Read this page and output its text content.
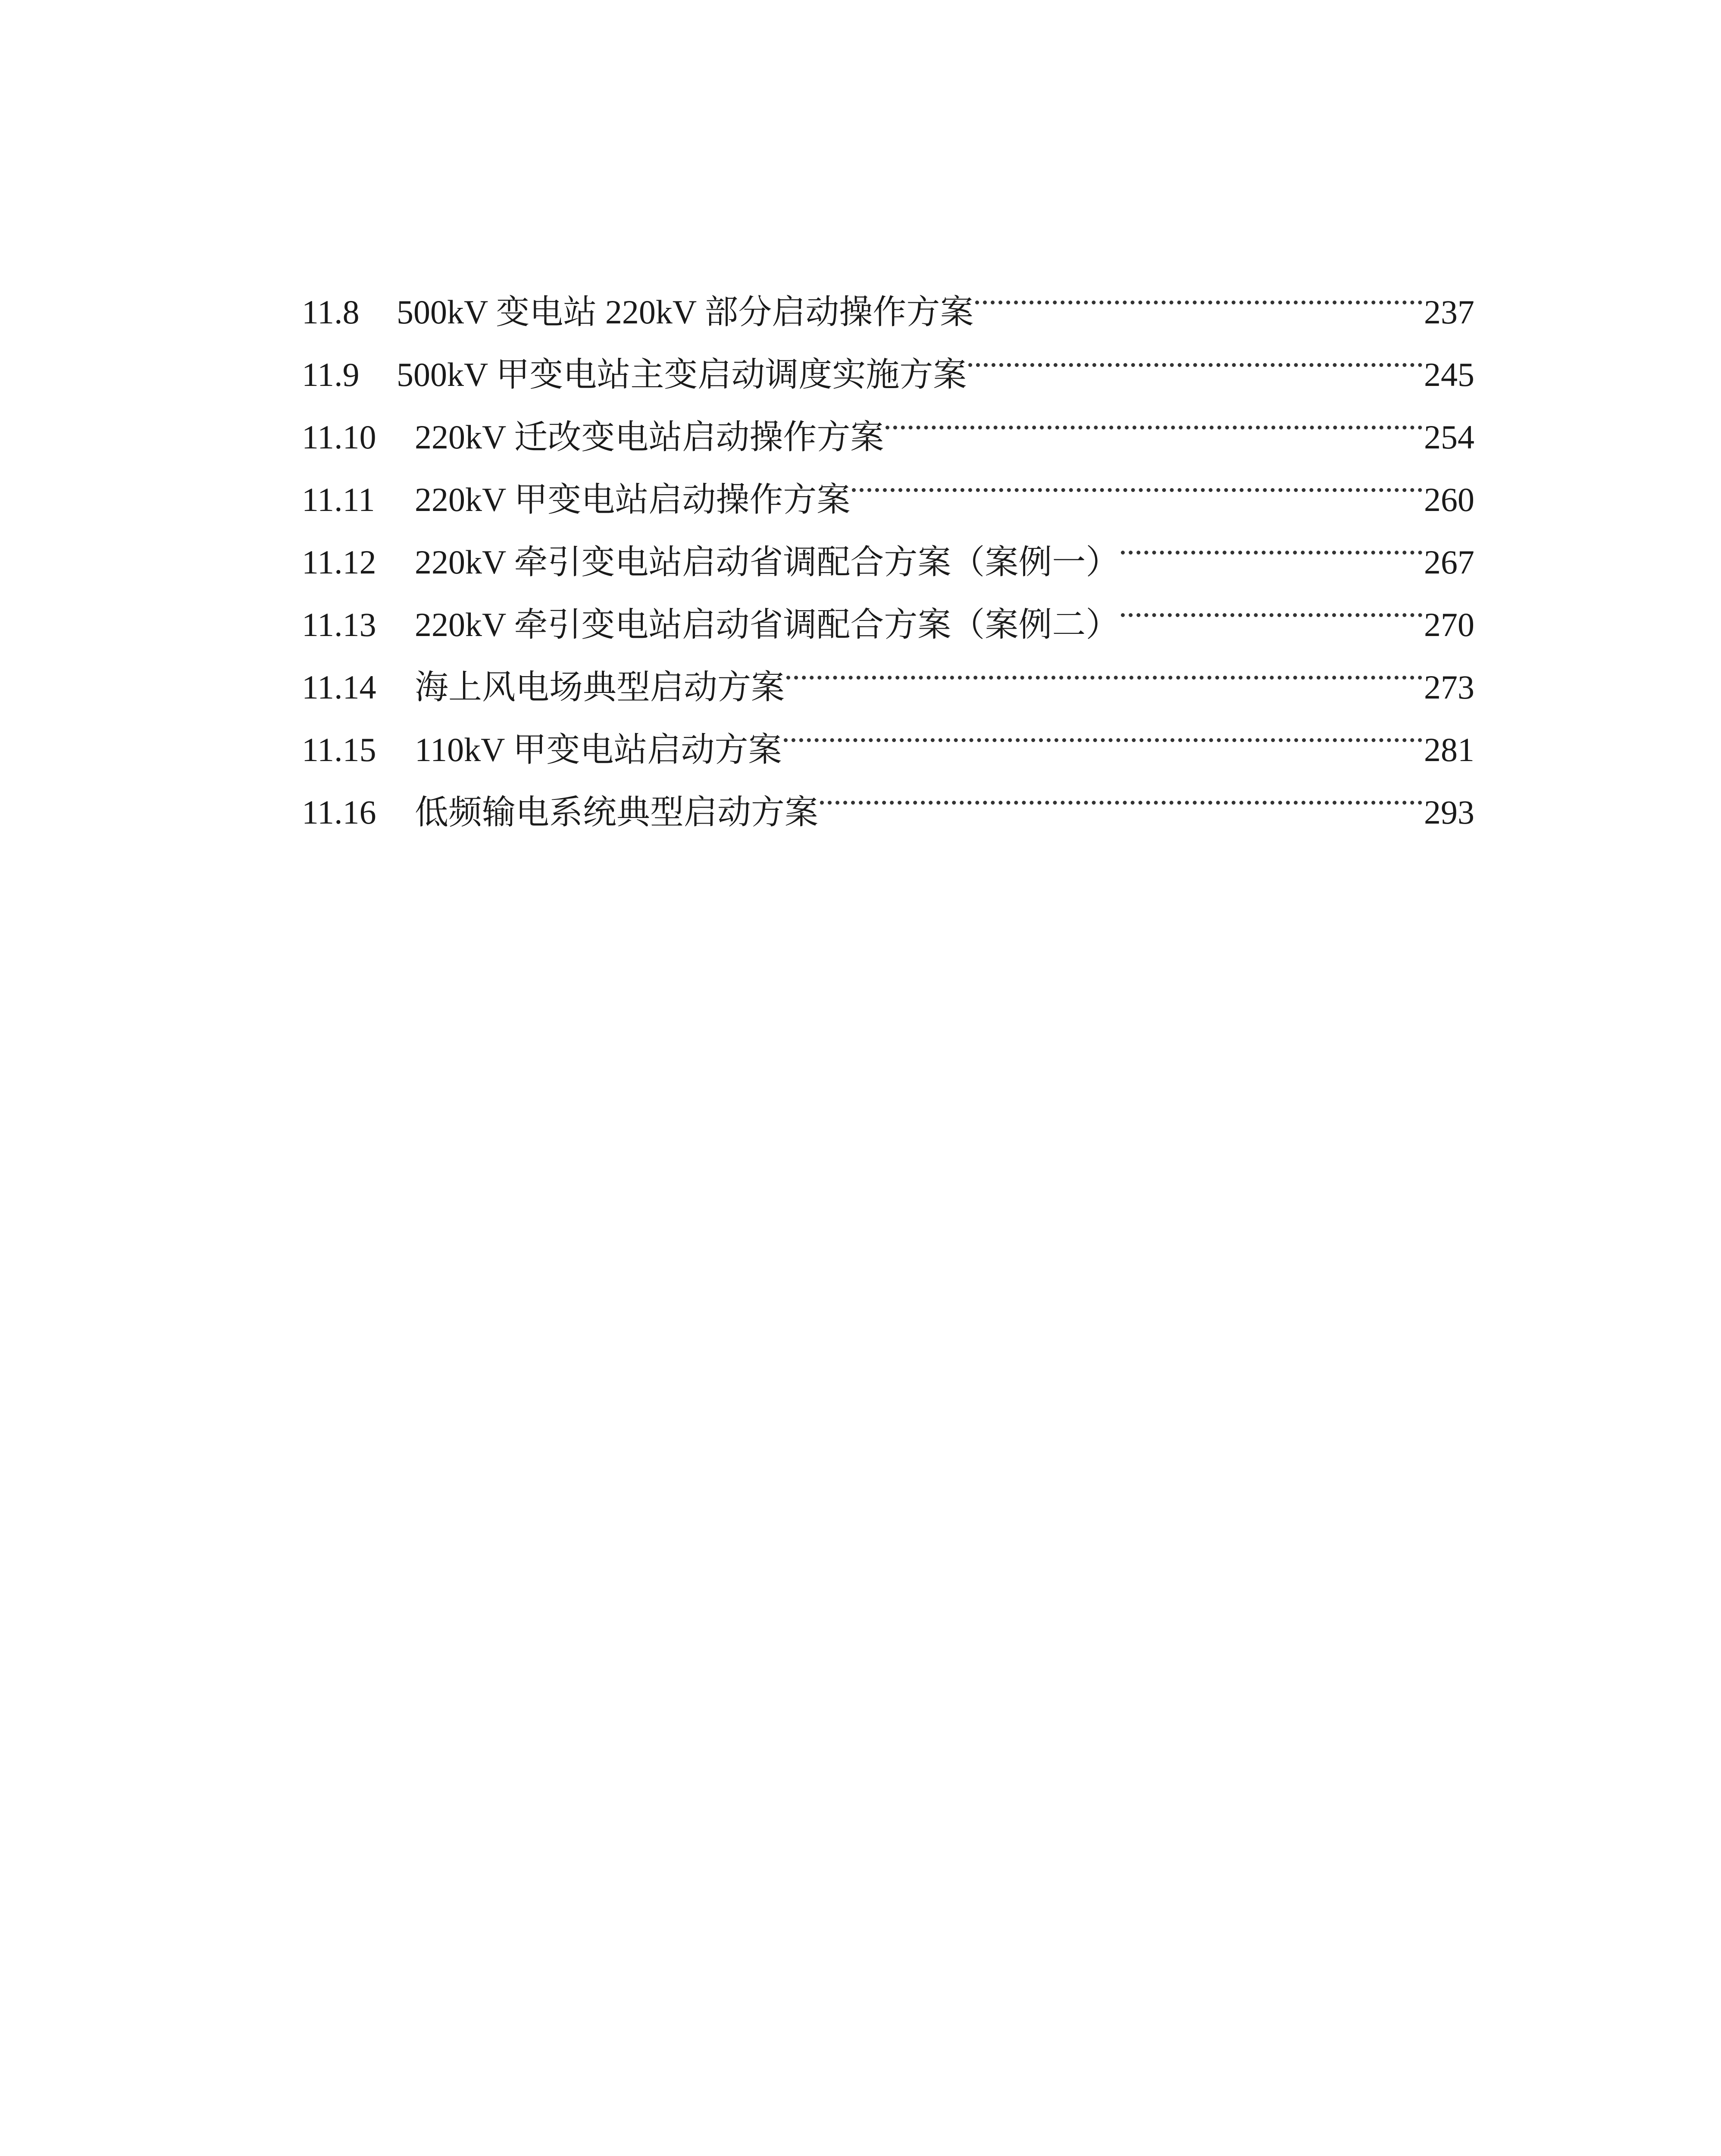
11.8	500kV 变电站 220kV 部分启动操作方案	237
11.9	500kV 甲变电站主变启动调度实施方案	245
11.10	220kV 迁改变电站启动操作方案	254
11.11	220kV 甲变电站启动操作方案	260
11.12	220kV 牵引变电站启动省调配合方案（案例一）	267
11.13	220kV 牵引变电站启动省调配合方案（案例二）	270
11.14	海上风电场典型启动方案	273
11.15	110kV 甲变电站启动方案	281
11.16	低频输电系统典型启动方案	293
